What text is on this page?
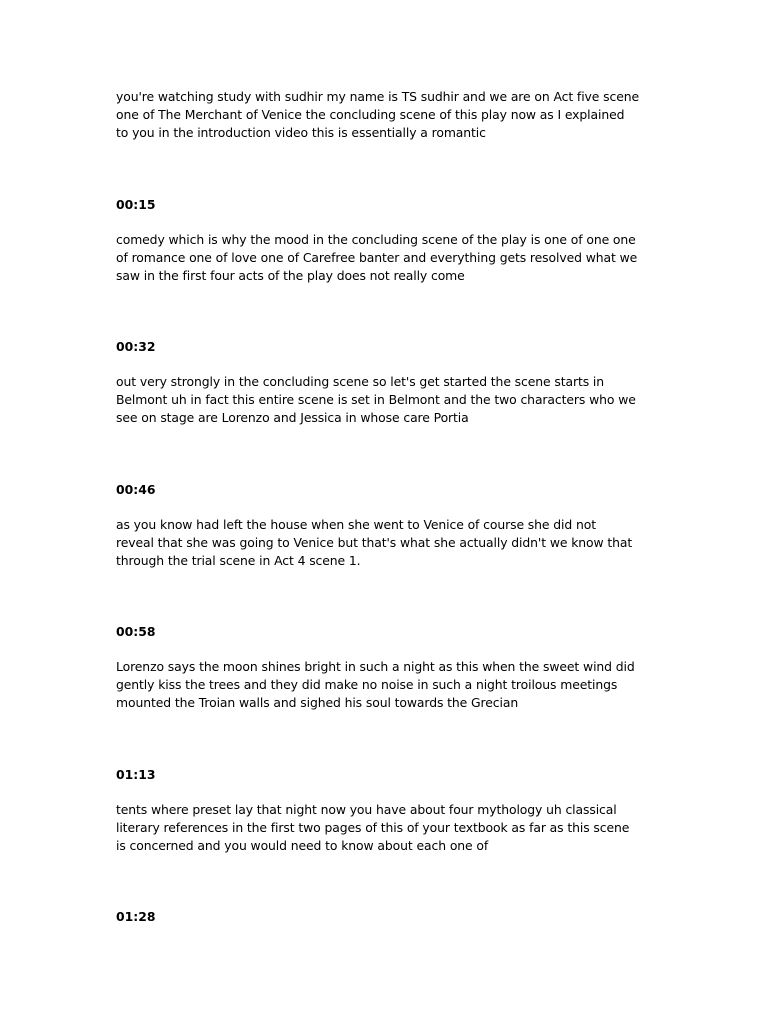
you're watching study with sudhir my name is TS sudhir and we are on Act five scene
one of The Merchant of Venice the concluding scene of this play now as I explained
to you in the introduction video this is essentially a romantic
00:15
comedy which is why the mood in the concluding scene of the play is one of one one
of romance one of love one of Carefree banter and everything gets resolved what we
saw in the first four acts of the play does not really come
00:32
out very strongly in the concluding scene so let's get started the scene starts in
Belmont uh in fact this entire scene is set in Belmont and the two characters who we
see on stage are Lorenzo and Jessica in whose care Portia
00:46
as you know had left the house when she went to Venice of course she did not
reveal that she was going to Venice but that's what she actually didn't we know that
through the trial scene in Act 4 scene 1.
00:58
Lorenzo says the moon shines bright in such a night as this when the sweet wind did
gently kiss the trees and they did make no noise in such a night troilous meetings
mounted the Troian walls and sighed his soul towards the Grecian
01:13
tents where preset lay that night now you have about four mythology uh classical
literary references in the first two pages of this of your textbook as far as this scene
is concerned and you would need to know about each one of
01:28
